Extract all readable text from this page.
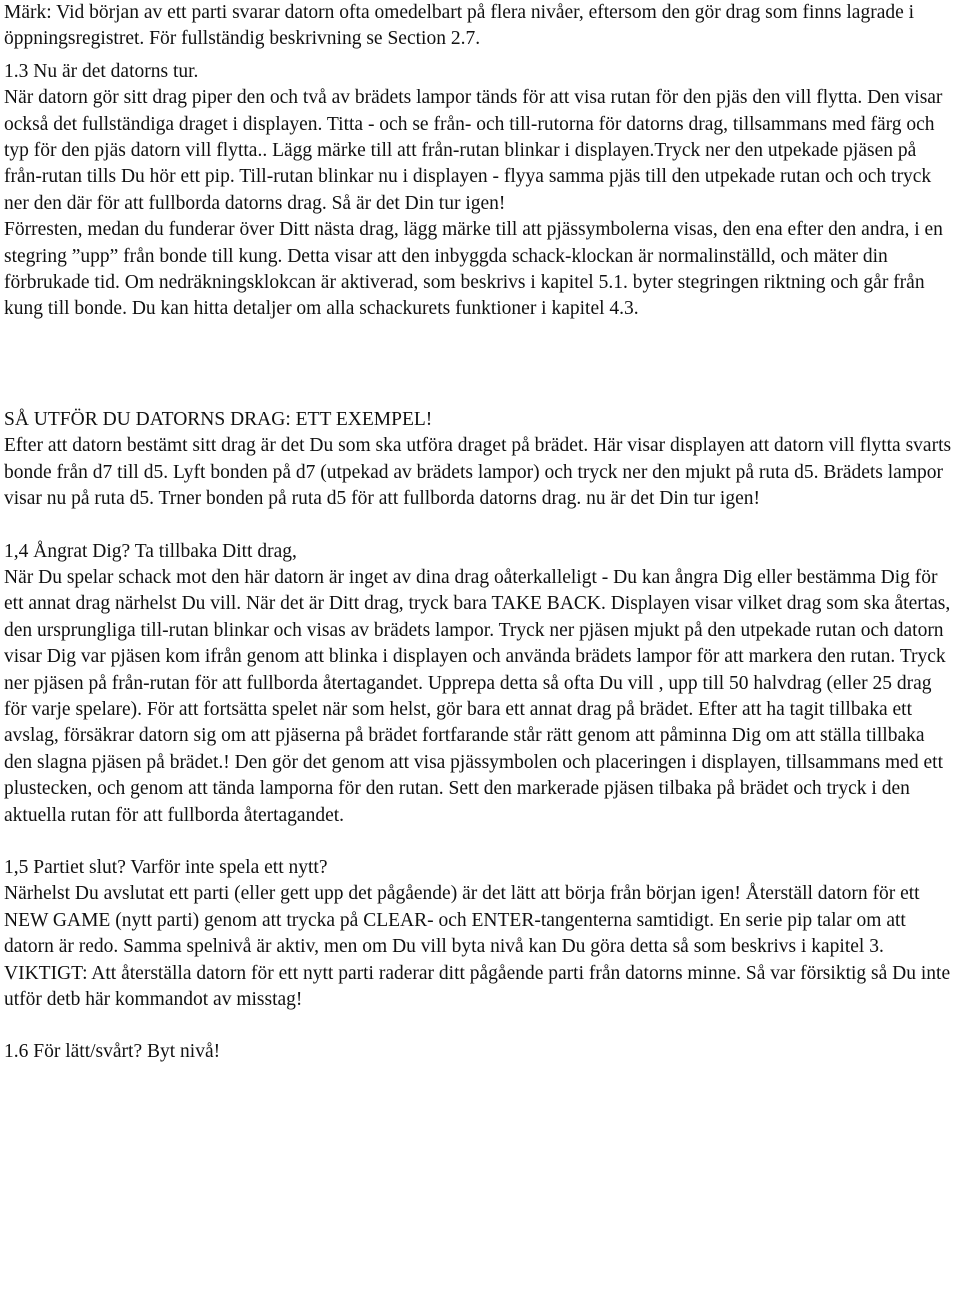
Märk: Vid början av ett parti svarar datorn ofta omedelbart på flera nivåer, eftersom den gör drag som finns lagrade i öppningsregistret. För fullständig beskrivning se Section 2.7.

1.3 Nu är det datorns tur.

När datorn gör sitt drag piper den och två av brädets lampor tänds för att visa rutan för den pjäs den vill flytta. Den visar också det fullständiga draget i displayen. Titta - och se från- och till-rutorna för datorns drag, tillsammans med färg och typ för den pjäs datorn vill flytta.. Lägg märke till att från-rutan blinkar i displayen.Tryck ner den utpekade pjäsen på från-rutan tills Du hör ett pip. Till-rutan blinkar nu i displayen - flyya samma pjäs till den utpekade rutan och och tryck ner den där för att fullborda datorns drag. Så är det Din tur igen!

Förresten, medan du funderar över Ditt nästa drag, lägg märke till att pjässymbolerna visas, den ena efter den andra, i en stegring ”upp” från bonde till kung. Detta visar att den inbyggda schack-klockan är normalinställd, och mäter din förbrukade tid. Om nedräkningsklokcan är aktiverad, som beskrivs i kapitel 5.1. byter stegringen riktning och går från kung till bonde. Du kan hitta detaljer om alla schackurets funktioner i kapitel 4.3.

SÅ UTFÖR DU DATORNS DRAG: ETT EXEMPEL!

Efter att datorn bestämt sitt drag är det Du som ska utföra draget på brädet. Här visar displayen att datorn vill flytta svarts bonde från d7 till d5. Lyft bonden på d7 (utpekad av brädets lampor) och tryck ner den mjukt på ruta d5. Brädets lampor visar nu på ruta d5. Trner bonden på ruta d5 för att fullborda datorns drag. nu är det Din tur igen!

1,4 Ångrat Dig? Ta tillbaka Ditt drag,

När Du spelar schack mot den här datorn är inget av dina drag oåterkalleligt - Du kan ångra Dig eller bestämma Dig för ett annat drag närhelst Du vill. När det är Ditt drag, tryck bara TAKE BACK. Displayen visar vilket drag som ska återtas, den ursprungliga till-rutan blinkar och visas av brädets lampor. Tryck ner pjäsen mjukt på den utpekade rutan och datorn visar Dig var pjäsen kom ifrån genom att blinka i displayen och använda brädets lampor för att markera den rutan. Tryck ner pjäsen på från-rutan för att fullborda återtagandet. Upprepa detta så ofta Du vill , upp till 50 halvdrag (eller 25 drag för varje spelare). För att fortsätta spelet när som helst, gör bara ett annat drag på brädet. Efter att ha tagit tillbaka ett avslag, försäkrar datorn sig om att pjäserna på brädet fortfarande står rätt genom att påminna Dig om att ställa tillbaka den slagna pjäsen på brädet.! Den gör det genom att visa pjässymbolen och placeringen i displayen, tillsammans med ett plustecken, och genom att tända lamporna för den rutan. Sett den markerade pjäsen tilbaka på brädet och tryck i den aktuella rutan för att fullborda återtagandet.

1,5 Partiet slut? Varför inte spela ett nytt?

Närhelst Du avslutat ett parti (eller gett upp det pågående) är det lätt att börja från början igen! Återställ datorn för ett NEW GAME (nytt parti) genom att trycka på CLEAR- och ENTER-tangenterna samtidigt. En serie pip talar om att datorn är redo. Samma spelnivå är aktiv, men om Du vill byta nivå kan Du göra detta så som beskrivs i kapitel 3.

VIKTIGT: Att återställa datorn för ett nytt parti raderar ditt pågående parti från datorns minne. Så var försiktig så Du inte utför detb här kommandot av misstag!

1.6 För lätt/svårt? Byt nivå!
